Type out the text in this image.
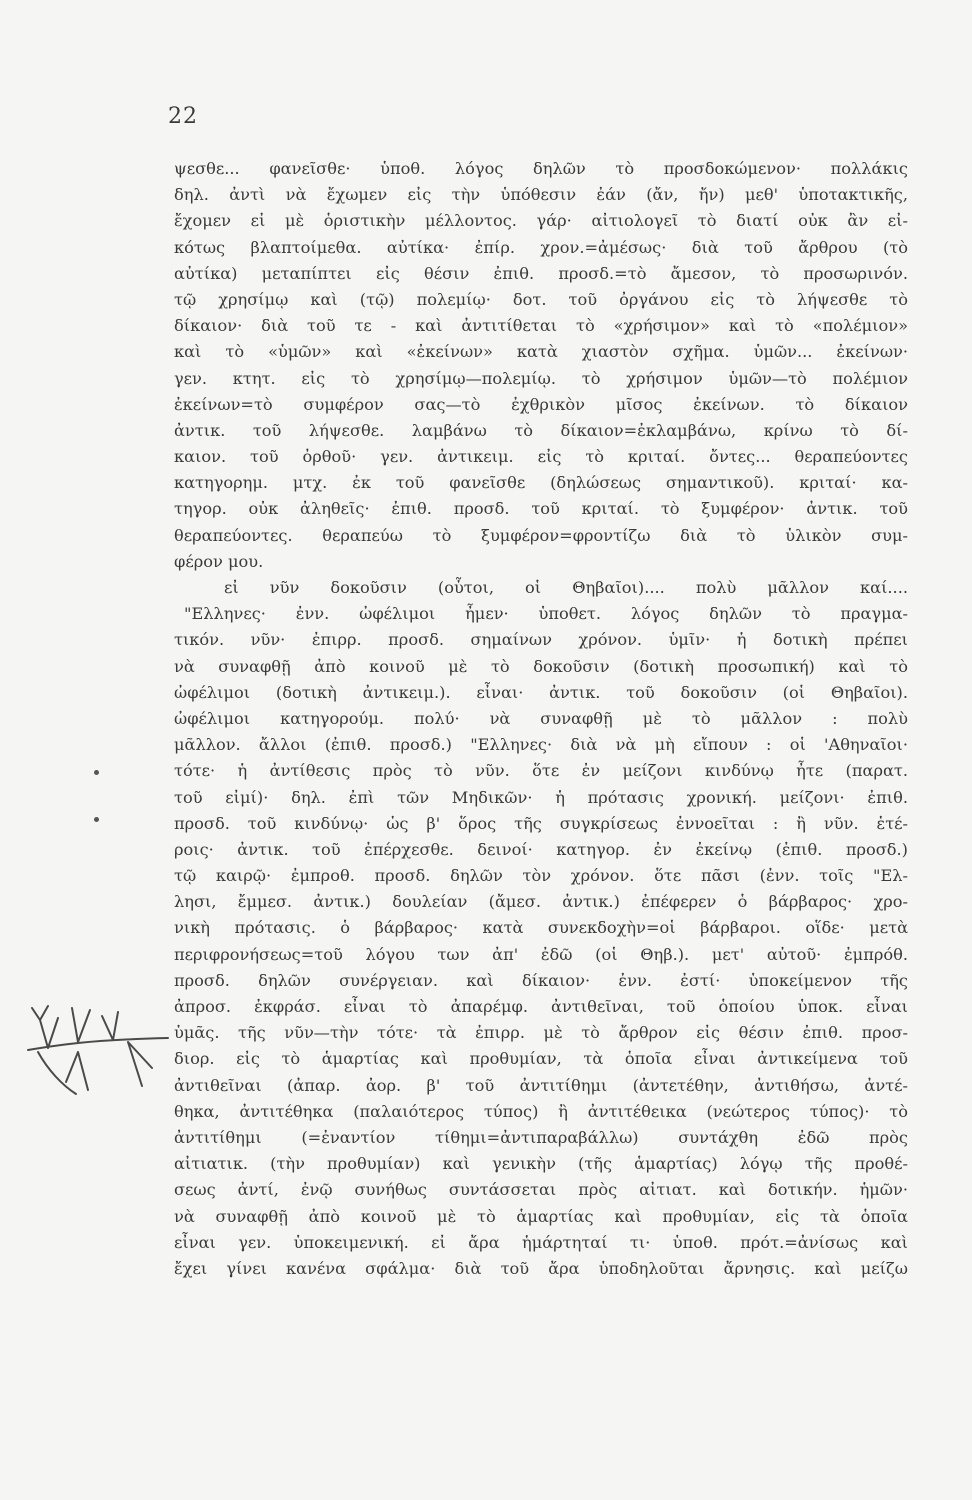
22
ψεσθε... φανεῖσθε· ὑποθ. λόγος δηλῶν τὸ προσδοκώμενον· πολλάκις
δηλ. ἀντὶ νὰ ἔχωμεν εἰς τὴν ὑπόθεσιν ἐάν (ἄν, ἤν) μεθ' ὑποτακτικῆς,
ἔχομεν εἰ μὲ ὁριστικὴν μέλλοντος. γάρ· αἰτιολογεῖ τὸ διατί οὐκ ἂν εἰ-
κότως βλαπτοίμεθα. αὐτίκα· ἐπίρ. χρον.=ἀμέσως· διὰ τοῦ ἄρθρου (τὸ
αὐτίκα) μεταπίπτει εἰς θέσιν ἐπιθ. προσδ.=τὸ ἄμεσον, τὸ προσωρινόν.
τῷ χρησίμῳ καὶ (τῷ) πολεμίῳ· δοτ. τοῦ ὀργάνου εἰς τὸ λήψεσθε τὸ
δίκαιον· διὰ τοῦ τε - καὶ ἀντιτίθεται τὸ «χρήσιμον» καὶ τὸ «πολέμιον»
καὶ τὸ «ὑμῶν» καὶ «ἐκείνων» κατὰ χιαστὸν σχῆμα. ὑμῶν... ἐκείνων·
γεν. κτητ. εἰς τὸ χρησίμῳ—πολεμίῳ. τὸ χρήσιμον ὑμῶν—τὸ πολέμιον
ἐκείνων=τὸ συμφέρον σας—τὸ ἐχθρικὸν μῖσος ἐκείνων. τὸ δίκαιον
ἀντικ. τοῦ λήψεσθε. λαμβάνω τὸ δίκαιον=ἐκλαμβάνω, κρίνω τὸ δί-
καιον. τοῦ ὀρθοῦ· γεν. ἀντικειμ. εἰς τὸ κριταί. ὄντες... θεραπεύοντες
κατηγορημ. μτχ. ἐκ τοῦ φανεῖσθε (δηλώσεως σημαντικοῦ). κριταί· κα-
τηγορ. οὐκ ἀληθεῖς· ἐπιθ. προσδ. τοῦ κριταί. τὸ ξυμφέρον· ἀντικ. τοῦ
θεραπεύοντες. θεραπεύω τὸ ξυμφέρον=φροντίζω διὰ τὸ ὑλικὸν συμ-
φέρον μου.
εἰ νῦν δοκοῦσιν (οὗτοι, οἱ Θηβαῖοι).... πολὺ μᾶλλον καί....
"Ελληνες· ἐνν. ὠφέλιμοι ἦμεν· ὑποθετ. λόγος δηλῶν τὸ πραγμα-
τικόν. νῦν· ἐπιρρ. προσδ. σημαίνων χρόνον. ὑμῖν· ἡ δοτικὴ πρέπει
νὰ συναφθῇ ἀπὸ κοινοῦ μὲ τὸ δοκοῦσιν (δοτικὴ προσωπική) καὶ τὸ
ὠφέλιμοι (δοτικὴ ἀντικειμ.). εἶναι· ἀντικ. τοῦ δοκοῦσιν (οἱ Θηβαῖοι).
ὠφέλιμοι κατηγορούμ. πολύ· νὰ συναφθῇ μὲ τὸ μᾶλλον : πολὺ
μᾶλλον. ἄλλοι (ἐπιθ. προσδ.) "Ελληνες· διὰ νὰ μὴ εἴπουν : οἱ 'Αθηναῖοι·
τότε· ἡ ἀντίθεσις πρὸς τὸ νῦν. ὅτε ἐν μείζονι κινδύνῳ ἦτε (παρατ.
τοῦ εἰμί)· δηλ. ἐπὶ τῶν Μηδικῶν· ἡ πρότασις χρονική. μείζονι· ἐπιθ.
προσδ. τοῦ κινδύνῳ· ὡς β' ὅρος τῆς συγκρίσεως ἐννοεῖται : ἢ νῦν. ἑτέ-
ροις· ἀντικ. τοῦ ἐπέρχεσθε. δεινοί· κατηγορ. ἐν ἐκείνῳ (ἐπιθ. προσδ.)
τῷ καιρῷ· ἐμπροθ. προσδ. δηλῶν τὸν χρόνον. ὅτε πᾶσι (ἐνν. τοῖς "Ελ-
λησι, ἔμμεσ. ἀντικ.) δουλείαν (ἄμεσ. ἀντικ.) ἐπέφερεν ὁ βάρβαρος· χρο-
νικὴ πρότασις. ὁ βάρβαρος· κατὰ συνεκδοχὴν=οἱ βάρβαροι. οἵδε· μετὰ
περιφρονήσεως=τοῦ λόγου των ἀπ' ἐδῶ (οἱ Θηβ.). μετ' αὐτοῦ· ἐμπρόθ.
προσδ. δηλῶν συνέργειαν. καὶ δίκαιον· ἐνν. ἐστί· ὑποκείμενον τῆς
ἀπροσ. ἐκφράσ. εἶναι τὸ ἀπαρέμφ. ἀντιθεῖναι, τοῦ ὁποίου ὑποκ. εἶναι
ὑμᾶς. τῆς νῦν—τὴν τότε· τὰ ἐπιρρ. μὲ τὸ ἄρθρον εἰς θέσιν ἐπιθ. προσ-
διορ. εἰς τὸ ἁμαρτίας καὶ προθυμίαν, τὰ ὁποῖα εἶναι ἀντικείμενα τοῦ
ἀντιθεῖναι (ἀπαρ. ἀορ. β' τοῦ ἀντιτίθημι (ἀντετέθην, ἀντιθήσω, ἀντέ-
θηκα, ἀντιτέθηκα (παλαιότερος τύπος) ἢ ἀντιτέθεικα (νεώτερος τύπος)· τὸ
ἀντιτίθημι (=ἐναντίον τίθημι=ἀντιπαραβάλλω) συντάχθη ἐδῶ πρὸς
αἰτιατικ. (τὴν προθυμίαν) καὶ γενικὴν (τῆς ἁμαρτίας) λόγῳ τῆς προθέ-
σεως ἀντί, ἐνῷ συνήθως συντάσσεται πρὸς αἰτιατ. καὶ δοτικήν. ἡμῶν·
νὰ συναφθῇ ἀπὸ κοινοῦ μὲ τὸ ἁμαρτίας καὶ προθυμίαν, εἰς τὰ ὁποῖα
εἶναι γεν. ὑποκειμενική. εἰ ἄρα ἡμάρτηταί τι· ὑποθ. πρότ.=ἀνίσως καὶ
ἔχει γίνει κανένα σφάλμα· διὰ τοῦ ἄρα ὑποδηλοῦται ἄρνησις. καὶ μείζω
